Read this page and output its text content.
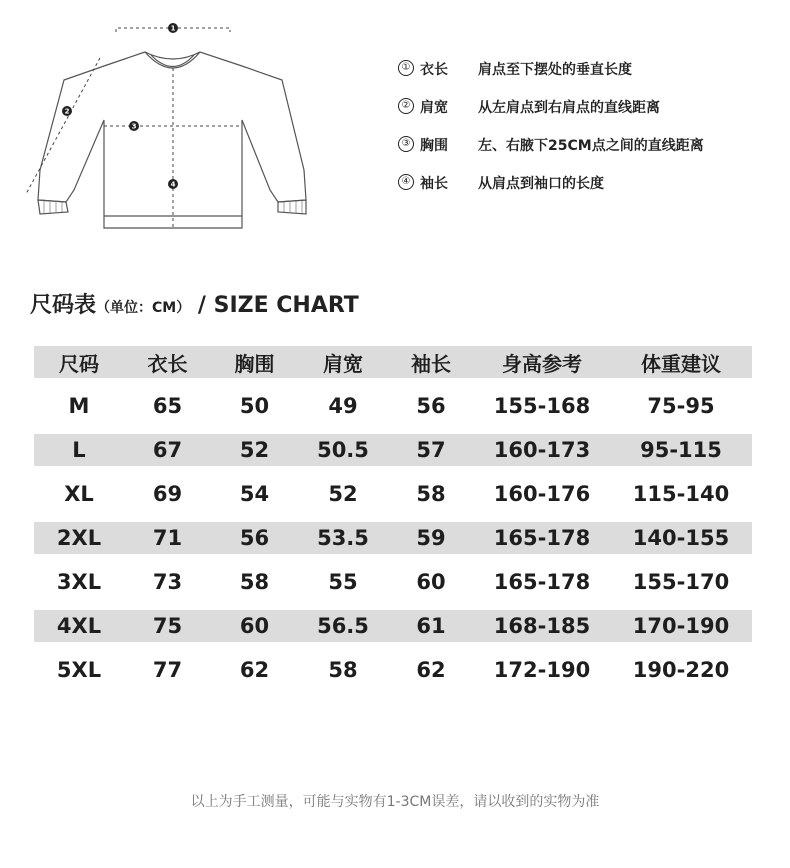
1
2
3
4
① 衣长 肩点至下摆处的垂直长度
② 肩宽 从左肩点到右肩点的直线距离
③ 胸围 左、右腋下25CM点之间的直线距离
④ 袖长 从肩点到袖口的长度
尺码表（单位：CM） / SIZE CHART
尺码	衣长	胸围	肩宽	袖长	身高参考	体重建议
M	65	50	49	56	155-168	75-95
L	67	52	50.5	57	160-173	95-115
XL	69	54	52	58	160-176	115-140
2XL	71	56	53.5	59	165-178	140-155
3XL	73	58	55	60	165-178	155-170
4XL	75	60	56.5	61	168-185	170-190
5XL	77	62	58	62	172-190	190-220
以上为手工测量，可能与实物有1-3CM误差，请以收到的实物为准
